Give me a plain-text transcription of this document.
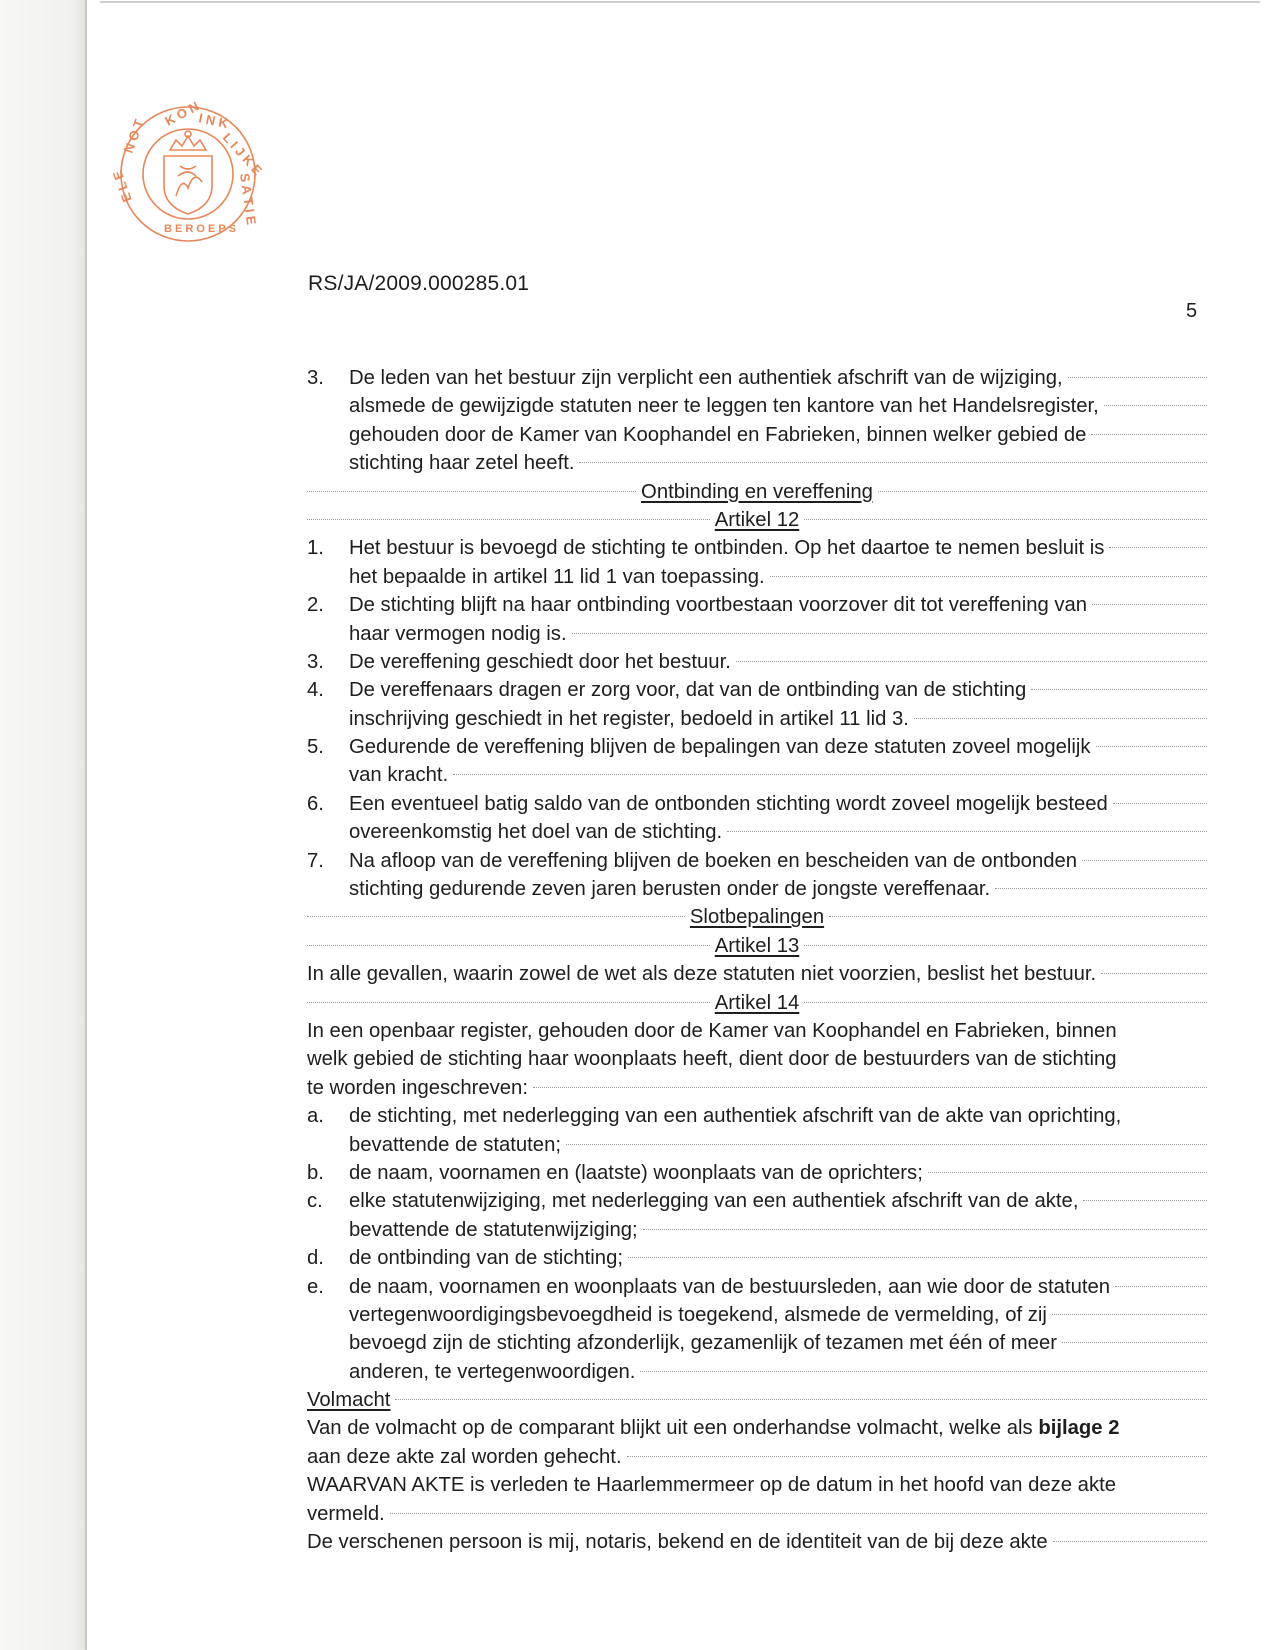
K O N
I N K
L I J K E
S A T I E
N O T
E L E
B E R O E P S
RS/JA/2009.000285.01
5
3.	De leden van het bestuur zijn verplicht een authentiek afschrift van de wijziging,
alsmede de gewijzigde statuten neer te leggen ten kantore van het Handelsregister,
gehouden door de Kamer van Koophandel en Fabrieken, binnen welker gebied de
stichting haar zetel heeft.
Ontbinding en vereffening
Artikel 12
1.	Het bestuur is bevoegd de stichting te ontbinden. Op het daartoe te nemen besluit is
het bepaalde in artikel 11 lid 1 van toepassing.
2.	De stichting blijft na haar ontbinding voortbestaan voorzover dit tot vereffening van
haar vermogen nodig is.
3.	De vereffening geschiedt door het bestuur.
4.	De vereffenaars dragen er zorg voor, dat van de ontbinding van de stichting
inschrijving geschiedt in het register, bedoeld in artikel 11 lid 3.
5.	Gedurende de vereffening blijven de bepalingen van deze statuten zoveel mogelijk
van kracht.
6.	Een eventueel batig saldo van de ontbonden stichting wordt zoveel mogelijk besteed
overeenkomstig het doel van de stichting.
7.	Na afloop van de vereffening blijven de boeken en bescheiden van de ontbonden
stichting gedurende zeven jaren berusten onder de jongste vereffenaar.
Slotbepalingen
Artikel 13
In alle gevallen, waarin zowel de wet als deze statuten niet voorzien, beslist het bestuur.
Artikel 14
In een openbaar register, gehouden door de Kamer van Koophandel en Fabrieken, binnen
welk gebied de stichting haar woonplaats heeft, dient door de bestuurders van de stichting
te worden ingeschreven:
a.	de stichting, met nederlegging van een authentiek afschrift van de akte van oprichting,
bevattende de statuten;
b.	de naam, voornamen en (laatste) woonplaats van de oprichters;
c.	elke statutenwijziging, met nederlegging van een authentiek afschrift van de akte,
bevattende de statutenwijziging;
d.	de ontbinding van de stichting;
e.	de naam, voornamen en woonplaats van de bestuursleden, aan wie door de statuten
vertegenwoordigingsbevoegdheid is toegekend, alsmede de vermelding, of zij
bevoegd zijn de stichting afzonderlijk, gezamenlijk of tezamen met één of meer
anderen, te vertegenwoordigen.
Volmacht
Van de volmacht op de comparant blijkt uit een onderhandse volmacht, welke als
bijlage 2
aan deze akte zal worden gehecht.
WAARVAN AKTE is verleden te Haarlemmermeer op de datum in het hoofd van deze akte
vermeld.
De verschenen persoon is mij, notaris, bekend en de identiteit van de bij deze akte
